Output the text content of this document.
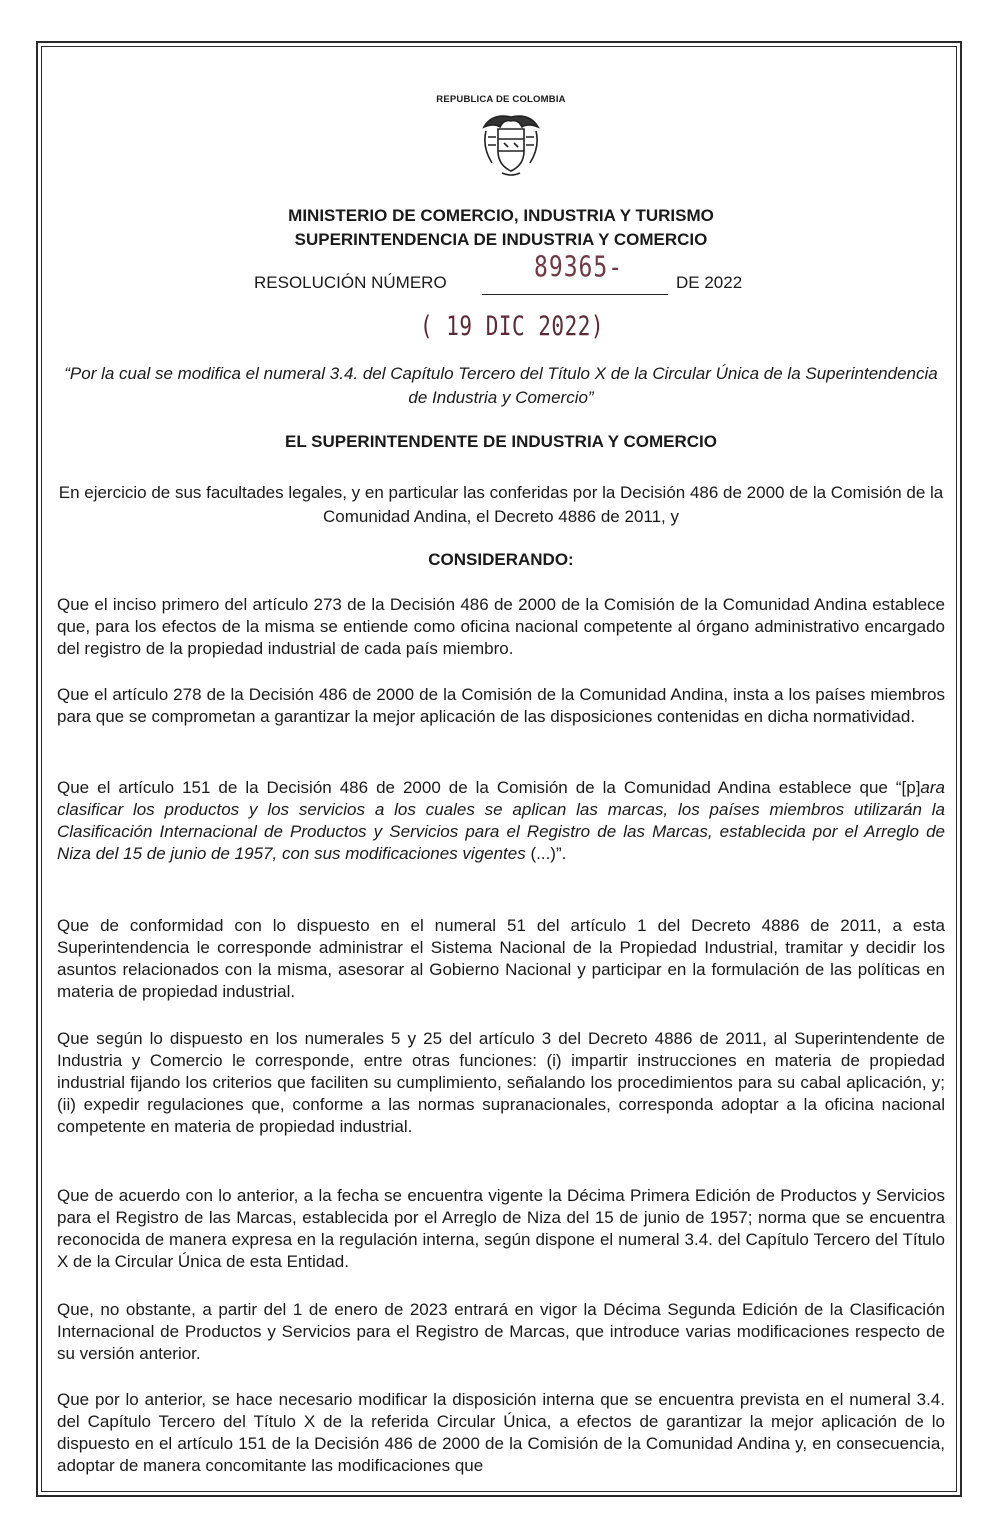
REPUBLICA DE COLOMBIA
MINISTERIO DE COMERCIO, INDUSTRIA Y TURISMO
SUPERINTENDENCIA DE INDUSTRIA Y COMERCIO
RESOLUCIÓN NÚMERO	89365-	DE 2022
( 19 DIC 2022)
“Por la cual se modifica el numeral 3.4. del Capítulo Tercero del Título X de la Circular Única de la Superintendencia de Industria y Comercio”
EL SUPERINTENDENTE DE INDUSTRIA Y COMERCIO
En ejercicio de sus facultades legales, y en particular las conferidas por la Decisión 486 de 2000 de la Comisión de la Comunidad Andina, el Decreto 4886 de 2011, y
CONSIDERANDO:

Que el inciso primero del artículo 273 de la Decisión 486 de 2000 de la Comisión de la Comunidad Andina establece que, para los efectos de la misma se entiende como oficina nacional competente al órgano administrativo encargado del registro de la propiedad industrial de cada país miembro.

Que el artículo 278 de la Decisión 486 de 2000 de la Comisión de la Comunidad Andina, insta a los países miembros para que se comprometan a garantizar la mejor aplicación de las disposiciones contenidas en dicha normatividad.

Que el artículo 151 de la Decisión 486 de 2000 de la Comisión de la Comunidad Andina establece que “[p]ara clasificar los productos y los servicios a los cuales se aplican las marcas, los países miembros utilizarán la Clasificación Internacional de Productos y Servicios para el Registro de las Marcas, establecida por el Arreglo de Niza del 15 de junio de 1957, con sus modificaciones vigentes (...)”.

Que de conformidad con lo dispuesto en el numeral 51 del artículo 1 del Decreto 4886 de 2011, a esta Superintendencia le corresponde administrar el Sistema Nacional de la Propiedad Industrial, tramitar y decidir los asuntos relacionados con la misma, asesorar al Gobierno Nacional y participar en la formulación de las políticas en materia de propiedad industrial.

Que según lo dispuesto en los numerales 5 y 25 del artículo 3 del Decreto 4886 de 2011, al Superintendente de Industria y Comercio le corresponde, entre otras funciones: (i) impartir instrucciones en materia de propiedad industrial fijando los criterios que faciliten su cumplimiento, señalando los procedimientos para su cabal aplicación, y; (ii) expedir regulaciones que, conforme a las normas supranacionales, corresponda adoptar a la oficina nacional competente en materia de propiedad industrial.

Que de acuerdo con lo anterior, a la fecha se encuentra vigente la Décima Primera Edición de Productos y Servicios para el Registro de las Marcas, establecida por el Arreglo de Niza del 15 de junio de 1957; norma que se encuentra reconocida de manera expresa en la regulación interna, según dispone el numeral 3.4. del Capítulo Tercero del Título X de la Circular Única de esta Entidad.

Que, no obstante, a partir del 1 de enero de 2023 entrará en vigor la Décima Segunda Edición de la Clasificación Internacional de Productos y Servicios para el Registro de Marcas, que introduce varias modificaciones respecto de su versión anterior.

Que por lo anterior, se hace necesario modificar la disposición interna que se encuentra prevista en el numeral 3.4. del Capítulo Tercero del Título X de la referida Circular Única, a efectos de garantizar la mejor aplicación de lo dispuesto en el artículo 151 de la Decisión 486 de 2000 de la Comisión de la Comunidad Andina y, en consecuencia, adoptar de manera concomitante las modificaciones que
